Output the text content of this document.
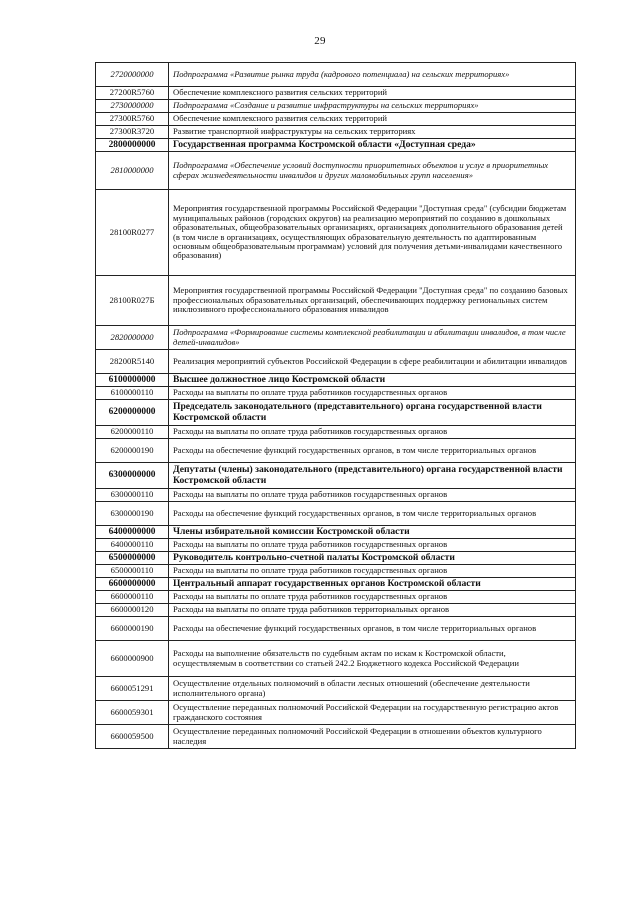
29
2720000000	Подпрограмма «Развитие рынка труда (кадрового потенциала) на сельских территориях»
27200R5760	Обеспечение комплексного развития сельских территорий
2730000000	Подпрограмма «Создание и развитие инфраструктуры на сельских территориях»
27300R5760	Обеспечение комплексного развития сельских территорий
27300R3720	Развитие транспортной инфраструктуры на сельских территориях
2800000000	Государственная программа Костромской области «Доступная среда»
2810000000	Подпрограмма «Обеспечение условий доступности приоритетных объектов и услуг в приоритетных сферах жизнедеятельности инвалидов и других маломобильных групп населения»
28100R0277	Мероприятия государственной программы Российской Федерации "Доступная среда" (субсидии бюджетам муниципальных районов (городских округов) на реализацию мероприятий по созданию в дошкольных образовательных, общеобразовательных организациях, организациях дополнительного образования детей (в том числе в организациях, осуществляющих образовательную деятельность по адаптированным основным общеобразовательным программам) условий для получения детьми-инвалидами качественного образования)
28100R027Б	Мероприятия государственной программы Российской Федерации "Доступная среда" по созданию базовых профессиональных образовательных организаций, обеспечивающих поддержку региональных систем инклюзивного профессионального образования инвалидов
2820000000	Подпрограмма «Формирование системы комплексной реабилитации и абилитации инвалидов, в том числе детей-инвалидов»
28200R5140	Реализация мероприятий субъектов Российской Федерации в сфере реабилитации и абилитации инвалидов
6100000000	Высшее должностное лицо Костромской области
6100000110	Расходы на выплаты по оплате труда работников государственных органов
6200000000	Председатель законодательного (представительного) органа государственной власти Костромской области
6200000110	Расходы на выплаты по оплате труда работников государственных органов
6200000190	Расходы на обеспечение функций государственных органов, в том числе территориальных органов
6300000000	Депутаты (члены) законодательного (представительного) органа государственной власти Костромской области
6300000110	Расходы на выплаты по оплате труда работников государственных органов
6300000190	Расходы на обеспечение функций государственных органов, в том числе территориальных органов
6400000000	Члены избирательной комиссии Костромской области
6400000110	Расходы на выплаты по оплате труда работников государственных органов
6500000000	Руководитель контрольно-счетной палаты Костромской области
6500000110	Расходы на выплаты по оплате труда работников государственных органов
6600000000	Центральный аппарат государственных органов Костромской области
6600000110	Расходы на выплаты по оплате труда работников государственных органов
6600000120	Расходы на выплаты по оплате труда работников территориальных органов
6600000190	Расходы на обеспечение функций государственных органов, в том числе территориальных органов
6600000900	Расходы на выполнение обязательств по судебным актам по искам к Костромской области, осуществляемым в соответствии со статьей 242.2 Бюджетного кодекса Российской Федерации
6600051291	Осуществление отдельных полномочий в области лесных отношений (обеспечение деятельности исполнительного органа)
6600059301	Осуществление переданных полномочий Российской Федерации на государственную регистрацию актов гражданского состояния
6600059500	Осуществление переданных полномочий Российской Федерации в отношении объектов культурного наследия
